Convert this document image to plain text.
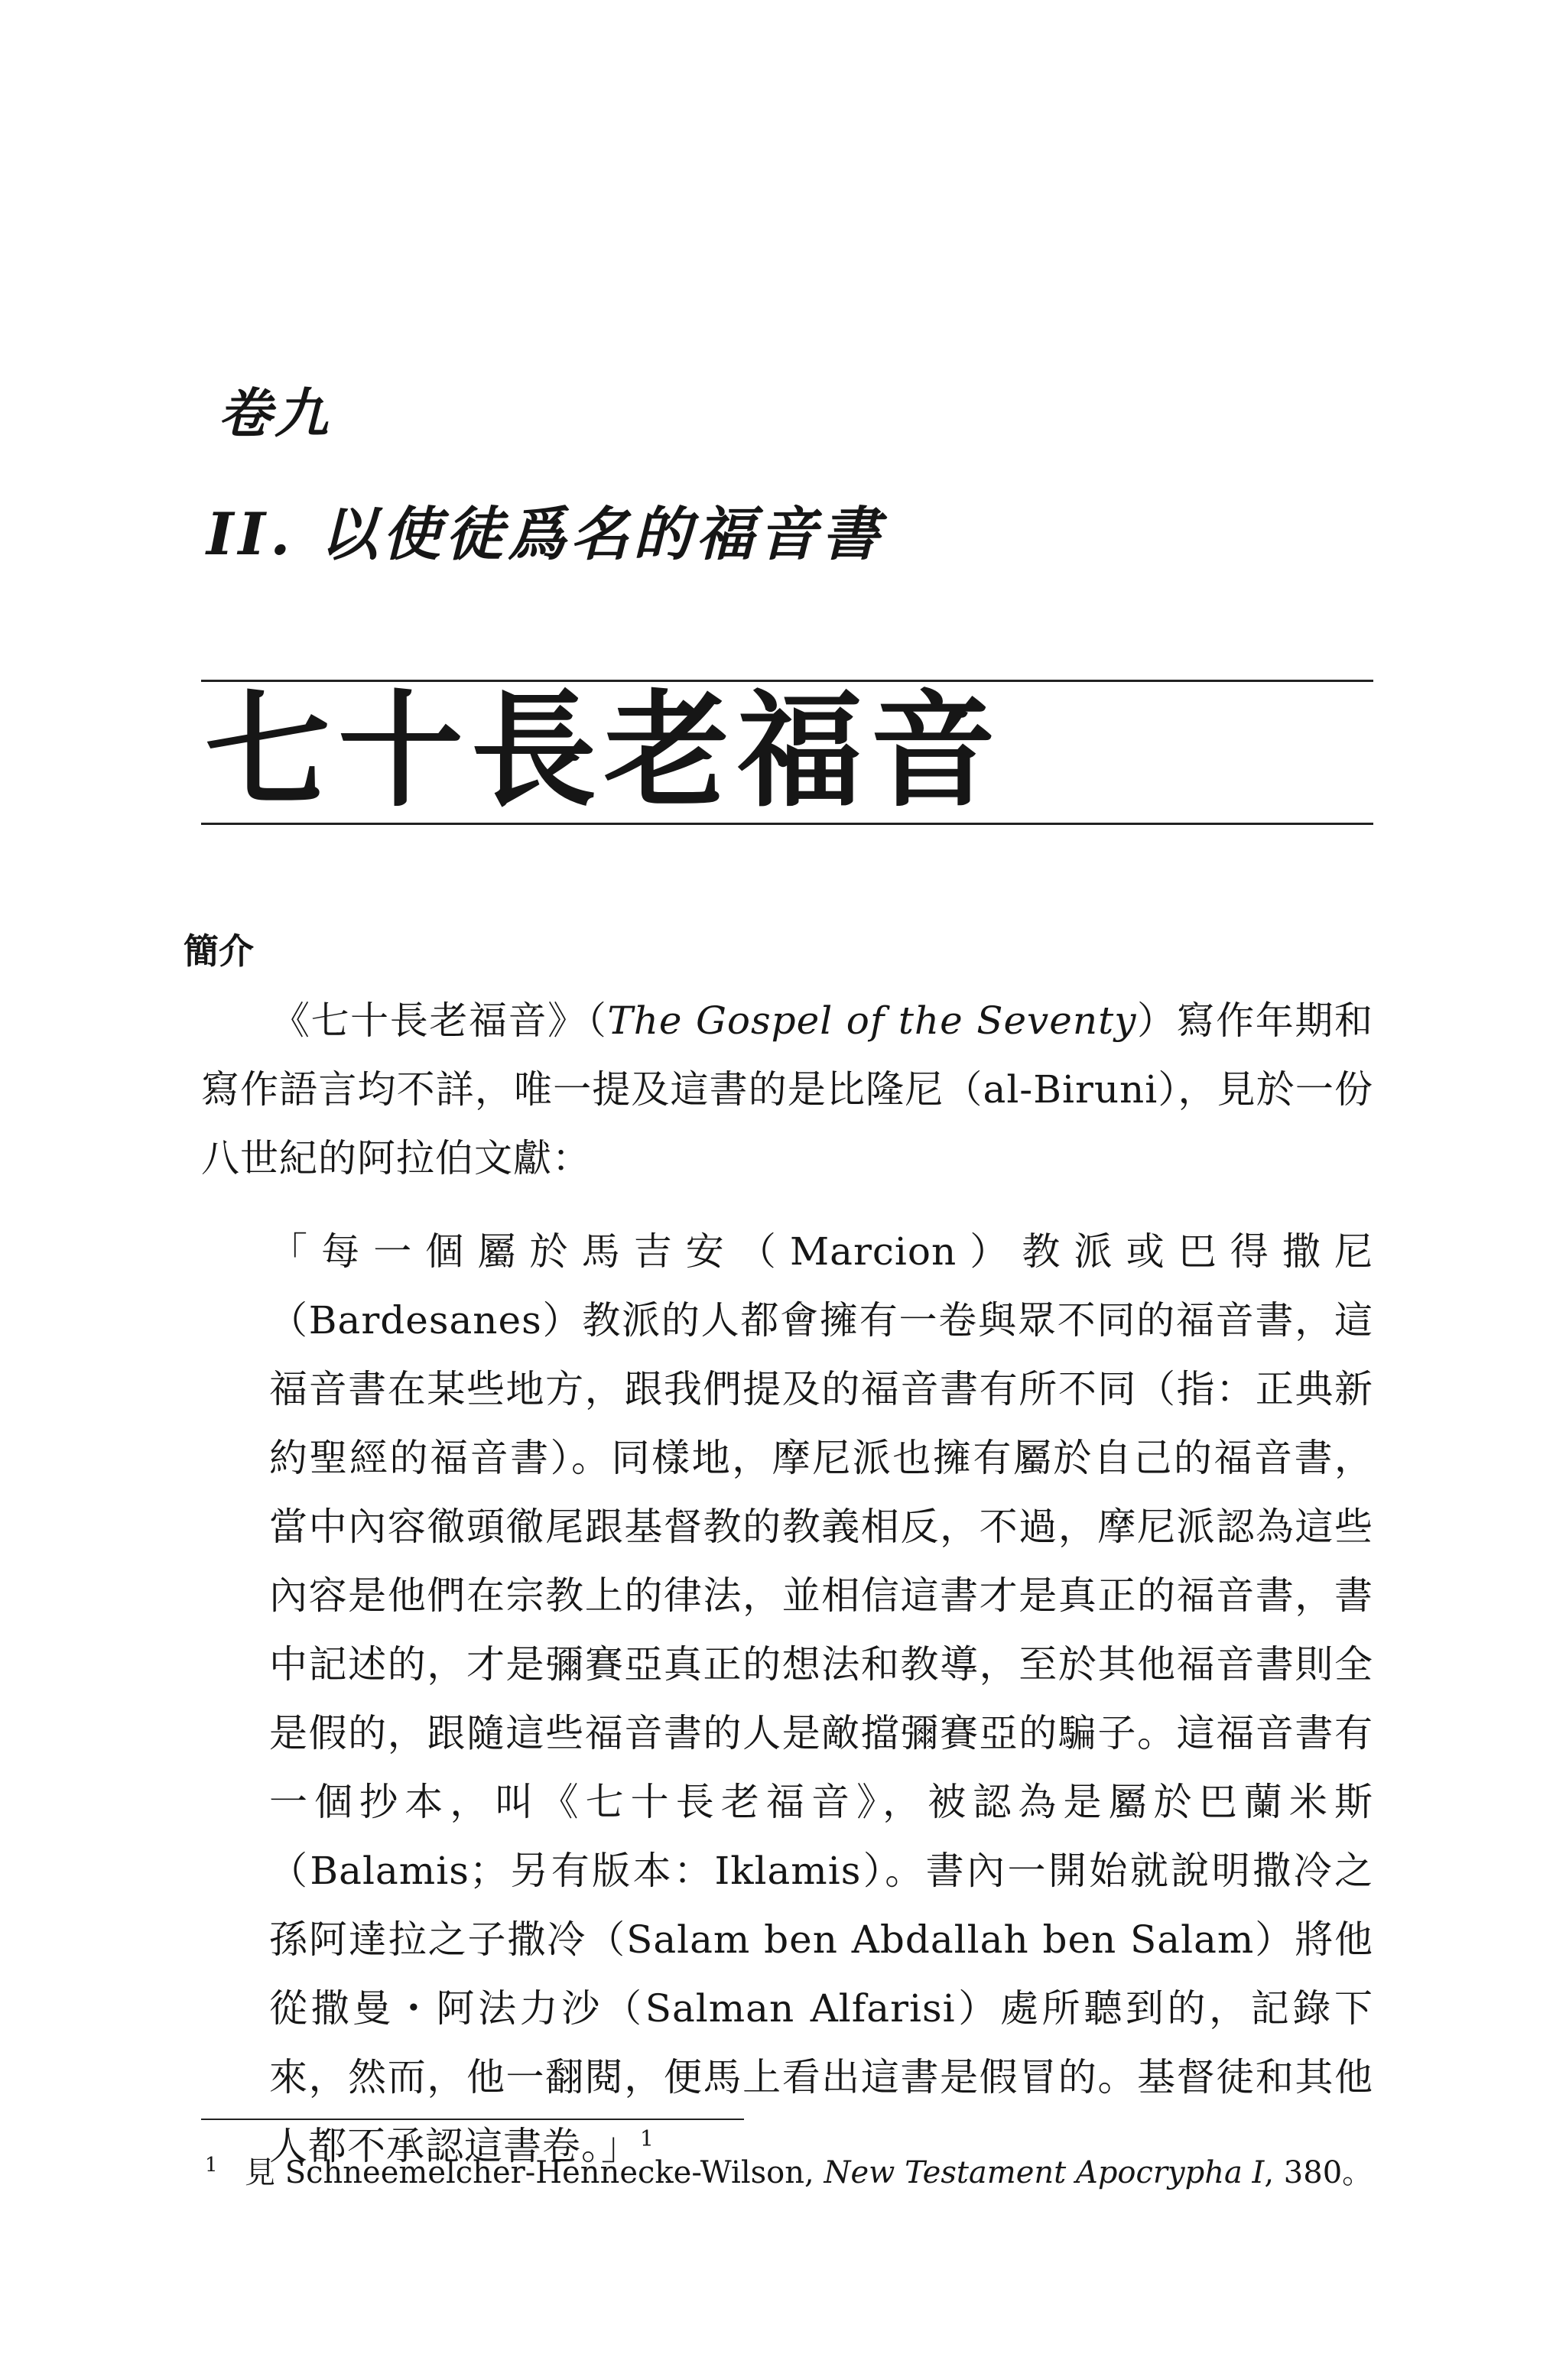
卷九
II. 以使徒爲名的福音書
七十長老福音
簡介
《七十長老福音》（The Gospel of the Seventy）寫作年期和寫作語言均不詳，唯一提及這書的是比隆尼（al-Biruni），見於一份八世紀的阿拉伯文獻：
「每一個屬於馬吉安（Marcion）教派或巴得撒尼（Bardesanes）教派的人都會擁有一卷與眾不同的福音書，這福音書在某些地方，跟我們提及的福音書有所不同（指：正典新約聖經的福音書）。同樣地，摩尼派也擁有屬於自己的福音書，當中內容徹頭徹尾跟基督教的教義相反，不過，摩尼派認為這些內容是他們在宗教上的律法，並相信這書才是真正的福音書，書中記述的，才是彌賽亞真正的想法和教導，至於其他福音書則全是假的，跟隨這些福音書的人是敵擋彌賽亞的騙子。這福音書有一個抄本，叫《七十長老福音》，被認為是屬於巴蘭米斯（Balamis；另有版本：Iklamis）。書內一開始就說明撒冷之孫阿達拉之子撒冷（Salam ben Abdallah ben Salam）將他從撒曼・阿法力沙（Salman Alfarisi）處所聽到的，記錄下來，然而，他一翻閱，便馬上看出這書是假冒的。基督徒和其他人都不承認這書卷。」$^1$
1 見 Schneemelcher-Hennecke-Wilson, New Testament Apocrypha I, 380。
